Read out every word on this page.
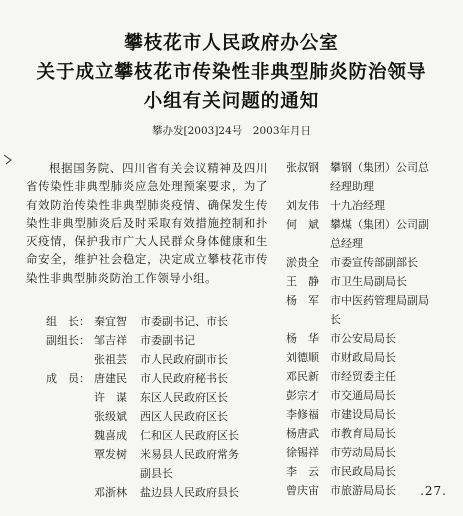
攀枝花市人民政府办公室
关于成立攀枝花市传染性非典型肺炎防治领导
小组有关问题的通知
攀办发[2003]24号　2003年月日

根据国务院、四川省有关会议精神及四川省传染性非典型肺炎应急处理预案要求，为了有效防治传染性非典型肺炎疫情、确保发生传染性非典型肺炎后及时采取有效措施控制和扑灭疫情，保护我市广大人民群众身体健康和生命安全，维护社会稳定，决定成立攀枝花市传染性非典型肺炎防治工作领导小组。

组　长： 秦宜智 市委副书记、市长
副组长： 邹吉祥 市委副书记
张祖芸 市人民政府副市长
成　员： 唐建民 市人民政府秘书长
许　谋 东区人民政府区长
张级斌 西区人民政府区长
魏喜成 仁和区人民政府区长
覃发树 米易县人民政府常务
副县长
邓浙林 盐边县人民政府县长
张叔钢 攀钢（集团）公司总
经理助理
刘友伟 十九冶经理
何　斌 攀煤（集团）公司副
总经理
淤贵全 市委宣传部副部长
王　静 市卫生局副局长
杨　军 市中医药管理局副局
长
杨　华 市公安局局长
刘德顺 市财政局局长
邓民新 市经贸委主任
彭宗才 市交通局局长
李修福 市建设局局长
杨唐武 市教育局局长
徐锡祥 市劳动局局长
李　云 市民政局局长
曾庆宙 市旅游局局长 .27.
